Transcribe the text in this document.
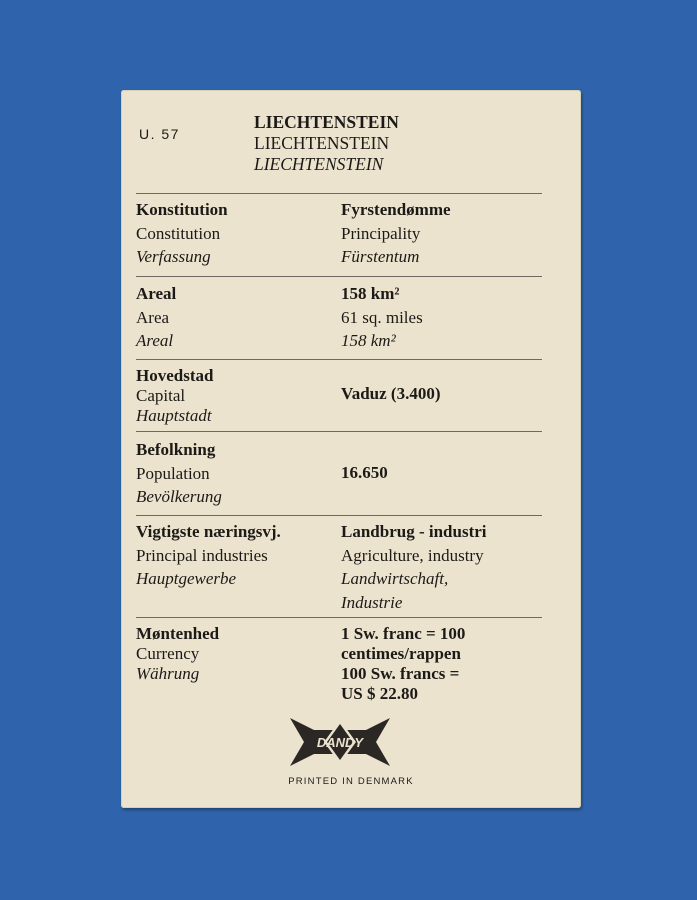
U. 57
LIECHTENSTEIN
LIECHTENSTEIN
LIECHTENSTEIN
Konstitution
Constitution
Verfassung
Fyrstendømme
Principality
Fürstentum
Areal
Area
Areal
158 km²
61 sq. miles
158 km²
Hovedstad
Capital
Hauptstadt
Vaduz (3.400)
Befolkning
Population
Bevölkerung
16.650
Vigtigste næringsvj.
Principal industries
Hauptgewerbe
Landbrug - industri
Agriculture, industry
Landwirtschaft,
Industrie
Møntenhed
Currency
Währung
1 Sw. franc = 100
centimes/rappen
100 Sw. francs =
US $ 22.80
DANDY
PRINTED IN DENMARK
